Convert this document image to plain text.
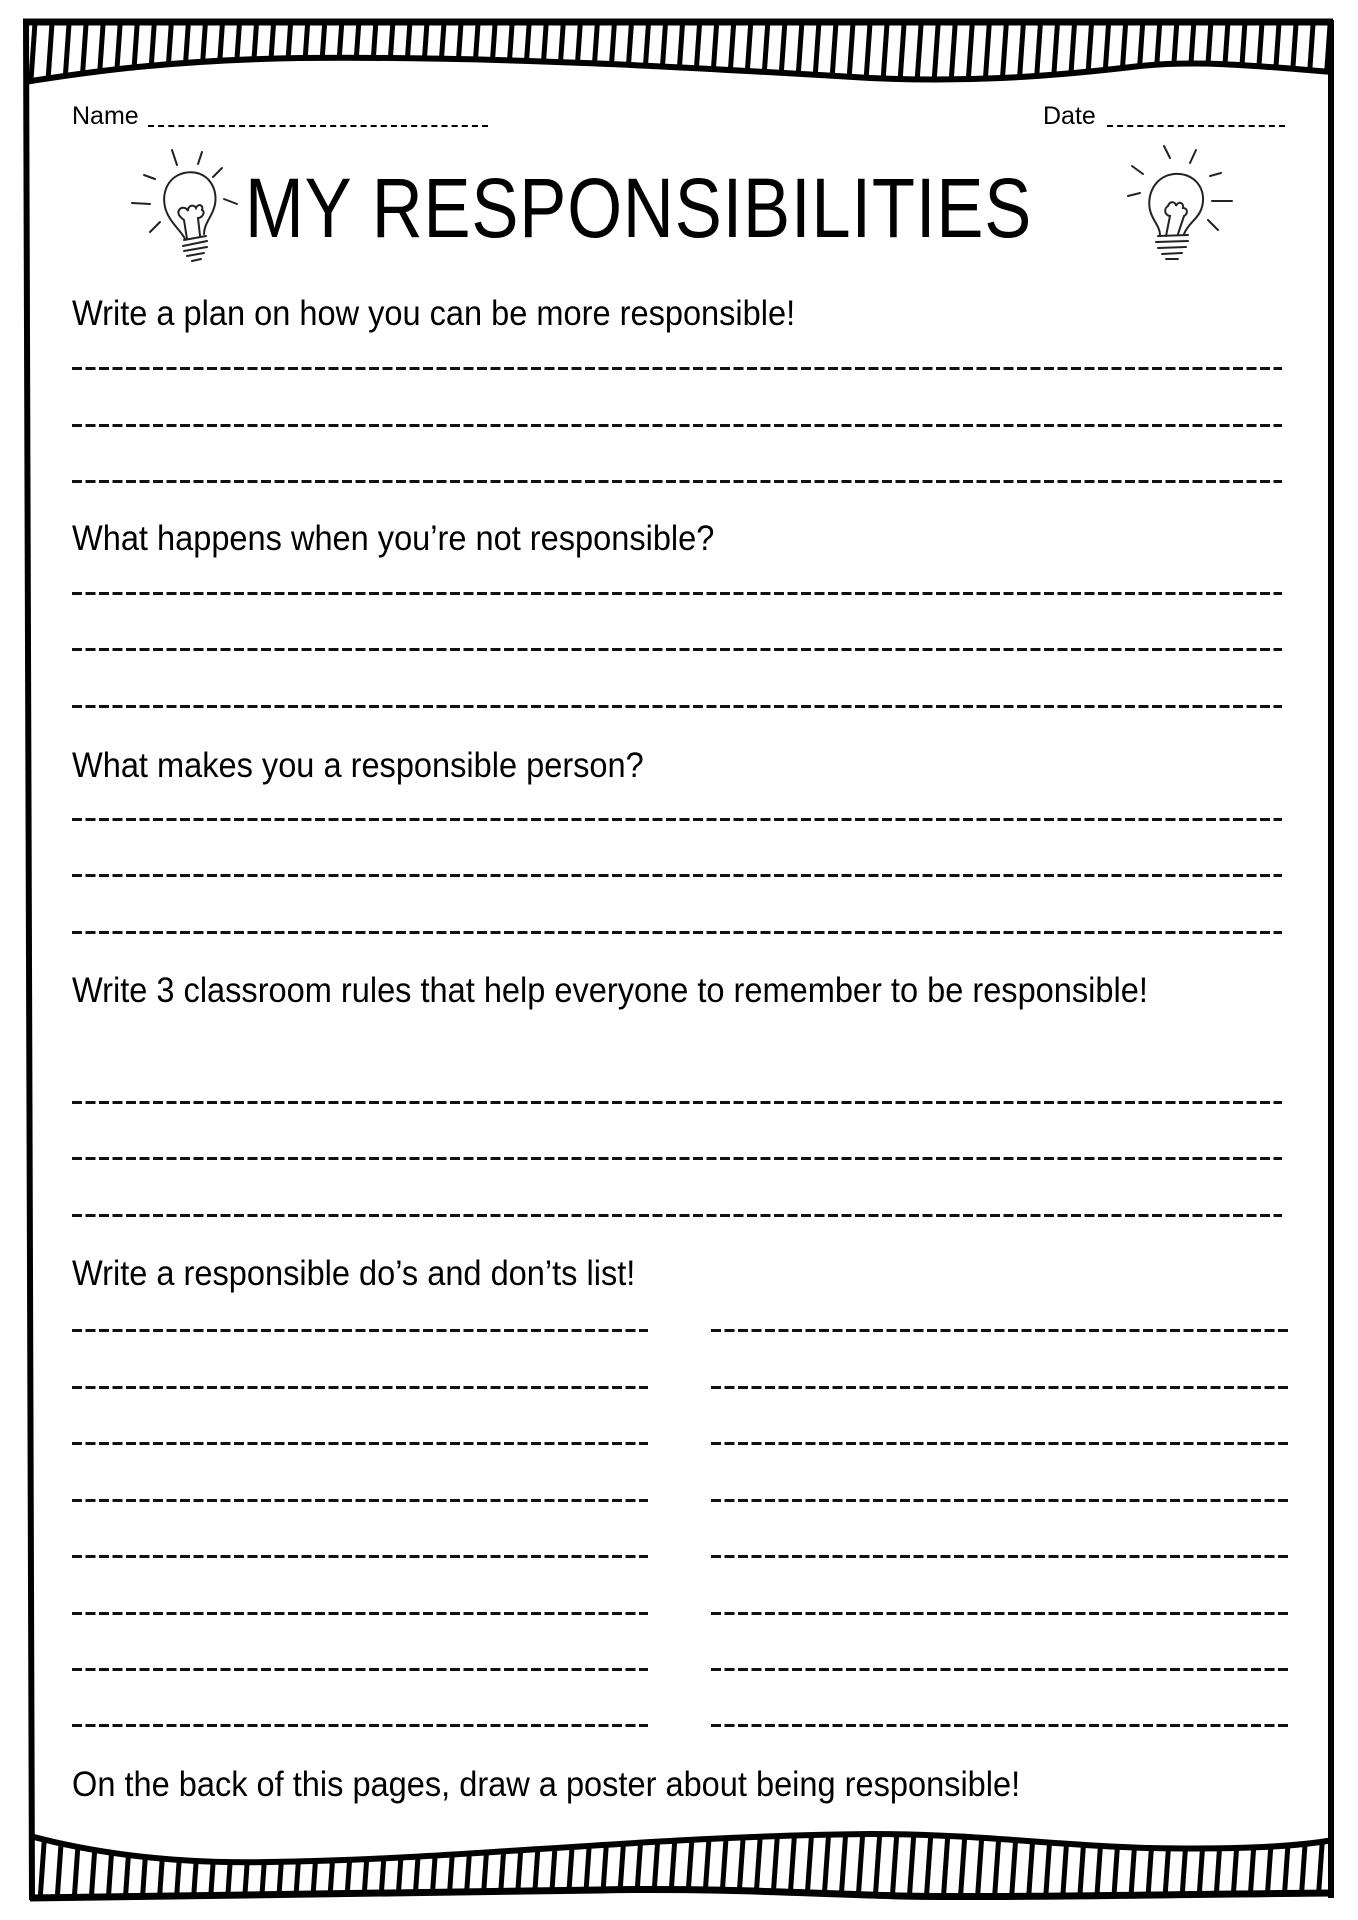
Name	Date
MY RESPONSIBILITIES
Write a plan on how you can be more responsible!
What happens when you’re not responsible?
What makes you a responsible person?
Write 3 classroom rules that help everyone to remember to be responsible!
Write a responsible do’s and don’ts list!
On the back of this pages, draw a poster about being responsible!
